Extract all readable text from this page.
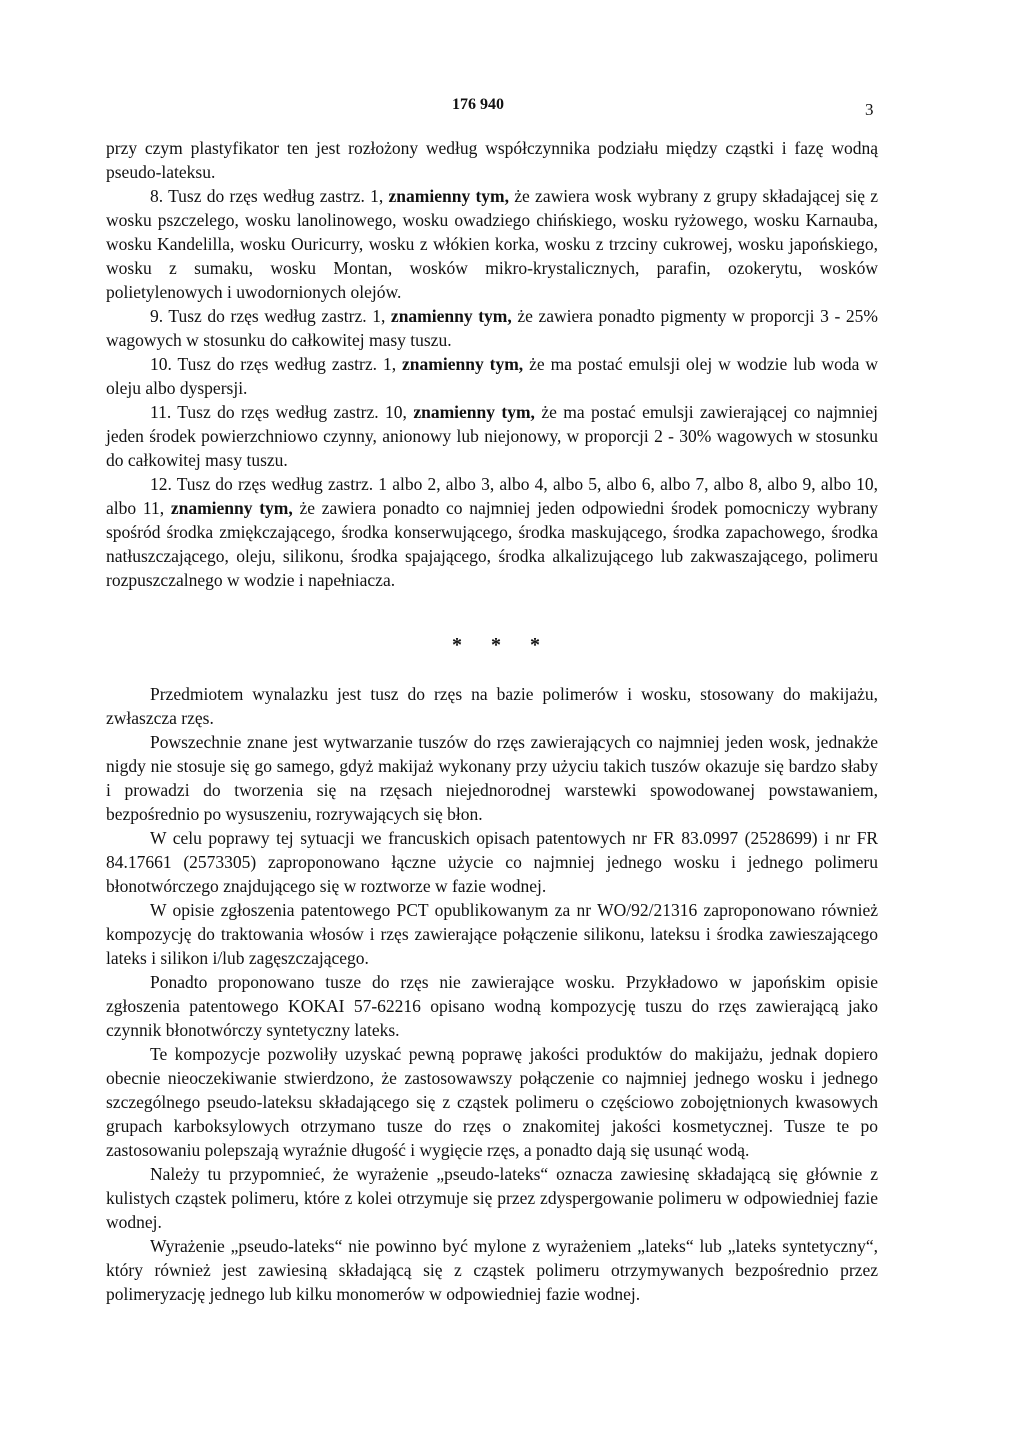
176 940	3

przy czym plastyfikator ten jest rozłożony według współczynnika podziału między cząstki i fazę wodną pseudo-lateksu.

8. Tusz do rzęs według zastrz. 1, znamienny tym, że zawiera wosk wybrany z grupy składającej się z wosku pszczelego, wosku lanolinowego, wosku owadziego chińskiego, wosku ryżowego, wosku Karnauba, wosku Kandelilla, wosku Ouricurry, wosku z włókien korka, wosku z trzciny cukrowej, wosku japońskiego, wosku z sumaku, wosku Montan, wosków mikro-krystalicznych, parafin, ozokerytu, wosków polietylenowych i uwodornionych olejów.

9. Tusz do rzęs według zastrz. 1, znamienny tym, że zawiera ponadto pigmenty w proporcji 3 - 25% wagowych w stosunku do całkowitej masy tuszu.

10. Tusz do rzęs według zastrz. 1, znamienny tym, że ma postać emulsji olej w wodzie lub woda w oleju albo dyspersji.

11. Tusz do rzęs według zastrz. 10, znamienny tym, że ma postać emulsji zawierającej co najmniej jeden środek powierzchniowo czynny, anionowy lub niejonowy, w proporcji 2 - 30% wagowych w stosunku do całkowitej masy tuszu.

12. Tusz do rzęs według zastrz. 1 albo 2, albo 3, albo 4, albo 5, albo 6, albo 7, albo 8, albo 9, albo 10, albo 11, znamienny tym, że zawiera ponadto co najmniej jeden odpowiedni środek pomocniczy wybrany spośród środka zmiękczającego, środka konserwującego, środka maskującego, środka zapachowego, środka natłuszczającego, oleju, silikonu, środka spajającego, środka alkalizującego lub zakwaszającego, polimeru rozpuszczalnego w wodzie i napełniacza.

* * *

Przedmiotem wynalazku jest tusz do rzęs na bazie polimerów i wosku, stosowany do makijażu, zwłaszcza rzęs.

Powszechnie znane jest wytwarzanie tuszów do rzęs zawierających co najmniej jeden wosk, jednakże nigdy nie stosuje się go samego, gdyż makijaż wykonany przy użyciu takich tuszów okazuje się bardzo słaby i prowadzi do tworzenia się na rzęsach niejednorodnej warstewki spowodowanej powstawaniem, bezpośrednio po wysuszeniu, rozrywających się błon.

W celu poprawy tej sytuacji we francuskich opisach patentowych nr FR 83.0997 (2528699) i nr FR 84.17661 (2573305) zaproponowano łączne użycie co najmniej jednego wosku i jednego polimeru błonotwórczego znajdującego się w roztworze w fazie wodnej.

W opisie zgłoszenia patentowego PCT opublikowanym za nr WO/92/21316 zaproponowano również kompozycję do traktowania włosów i rzęs zawierające połączenie silikonu, lateksu i środka zawieszającego lateks i silikon i/lub zagęszczającego.

Ponadto proponowano tusze do rzęs nie zawierające wosku. Przykładowo w japońskim opisie zgłoszenia patentowego KOKAI 57-62216 opisano wodną kompozycję tuszu do rzęs zawierającą jako czynnik błonotwórczy syntetyczny lateks.

Te kompozycje pozwoliły uzyskać pewną poprawę jakości produktów do makijażu, jednak dopiero obecnie nieoczekiwanie stwierdzono, że zastosowawszy połączenie co najmniej jednego wosku i jednego szczególnego pseudo-lateksu składającego się z cząstek polimeru o częściowo zobojętnionych kwasowych grupach karboksylowych otrzymano tusze do rzęs o znakomitej jakości kosmetycznej. Tusze te po zastosowaniu polepszają wyraźnie długość i wygięcie rzęs, a ponadto dają się usunąć wodą.

Należy tu przypomnieć, że wyrażenie „pseudo-lateks“ oznacza zawiesinę składającą się głównie z kulistych cząstek polimeru, które z kolei otrzymuje się przez zdyspergowanie polimeru w odpowiedniej fazie wodnej.

Wyrażenie „pseudo-lateks“ nie powinno być mylone z wyrażeniem „lateks“ lub „lateks syntetyczny“, który również jest zawiesiną składającą się z cząstek polimeru otrzymywanych bezpośrednio przez polimeryzację jednego lub kilku monomerów w odpowiedniej fazie wodnej.
